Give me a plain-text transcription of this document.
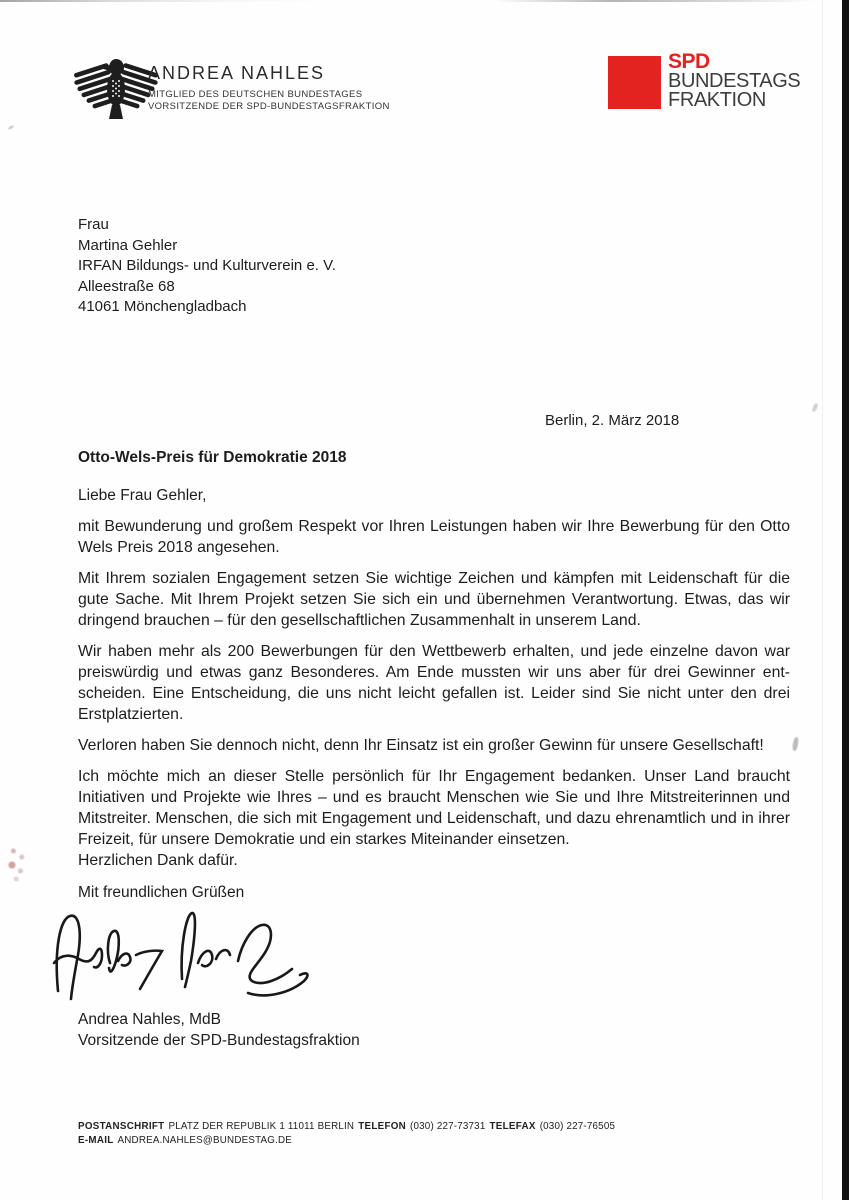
ANDREA NAHLES
MITGLIED DES DEUTSCHEN BUNDESTAGES
VORSITZENDE DER SPD-BUNDESTAGSFRAKTION
SPD
BUNDESTAGS
FRAKTION
Frau
Martina Gehler
IRFAN Bildungs- und Kulturverein e. V.
Alleestraße 68
41061 Mönchengladbach
Berlin, 2. März 2018
Otto-Wels-Preis für Demokratie 2018
Liebe Frau Gehler,

mit Bewunderung und großem Respekt vor Ihren Leistungen haben wir Ihre Bewerbung für den Otto Wels Preis 2018 angesehen.

Mit Ihrem sozialen Engagement setzen Sie wichtige Zeichen und kämpfen mit Leidenschaft für die gute Sache. Mit Ihrem Projekt setzen Sie sich ein und übernehmen Verantwortung. Etwas, das wir dringend brauchen – für den gesellschaftlichen Zusammenhalt in unserem Land.

Wir haben mehr als 200 Bewerbungen für den Wettbewerb erhalten, und jede einzelne davon war preiswürdig und etwas ganz Besonderes. Am Ende mussten wir uns aber für drei Gewinner ent-scheiden. Eine Entscheidung, die uns nicht leicht gefallen ist. Leider sind Sie nicht unter den drei Erstplatzierten.

Verloren haben Sie dennoch nicht, denn Ihr Einsatz ist ein großer Gewinn für unsere Gesellschaft!

Ich möchte mich an dieser Stelle persönlich für Ihr Engagement bedanken. Unser Land braucht Initiativen und Projekte wie Ihres – und es braucht Menschen wie Sie und Ihre Mitstreiterinnen und Mitstreiter. Menschen, die sich mit Engagement und Leidenschaft, und dazu ehrenamtlich und in ihrer Freizeit, für unsere Demokratie und ein starkes Miteinander einsetzen.

Herzlichen Dank dafür.

Mit freundlichen Grüßen
Andrea Nahles, MdB
Vorsitzende der SPD-Bundestagsfraktion
POSTANSCHRIFT PLATZ DER REPUBLIK 1 11011 BERLIN TELEFON (030) 227-73731 TELEFAX (030) 227-76505
E-MAIL ANDREA.NAHLES@BUNDESTAG.DE
